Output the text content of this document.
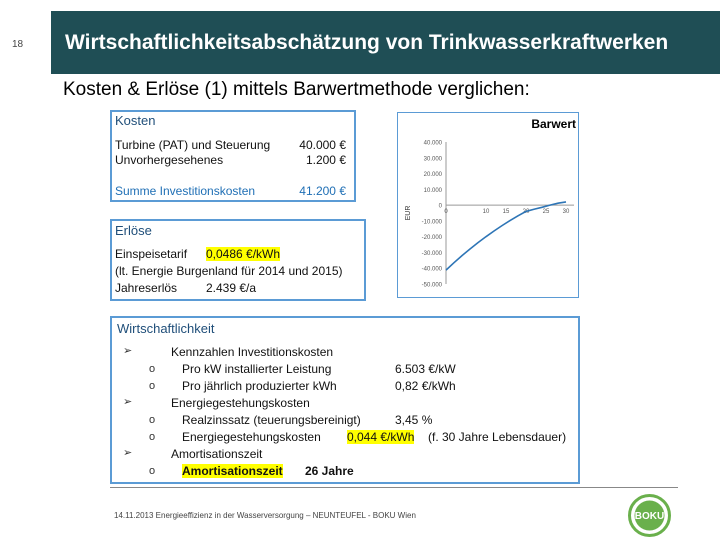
18	Wirtschaftlichkeitsabschätzung von Trinkwasserkraftwerken
Kosten & Erlöse (1) mittels Barwertmethode verglichen:
Kosten
Turbine (PAT) und Steuerung 40.000 €
Unvorhergesehenes	1.200 €
Summe Investitionskosten	41.200 €
Erlöse
Einspeisetarif 0,0486 €/kWh
(lt. Energie Burgenland für 2014 und 2015)
Jahreserlös 2.439 €/a
Barwert
40.000
30.000
20.000
10.000
0
-10.000
-20.000
-30.000
-40.000
-50.000
0	10 15 20 25 30
EUR
Wirtschaftlichkeit
➢	Kennzahlen Investitionskosten
o Pro kW installierter Leistung	6.503 €/kW
o Pro jährlich produzierter kWh	0,82 €/kWh
➢	Energiegestehungskosten
o Realzinssatz (teuerungsbereinigt)	3,45 %
o Energiegestehungskosten 0,044 €/kWh (f. 30 Jahre Lebensdauer)
➢	Amortisationszeit
o Amortisationszeit 26 Jahre
14.11.2013 Energieeffizienz in der Wasserversorgung – NEUNTEUFEL - BOKU Wien	BOKU
